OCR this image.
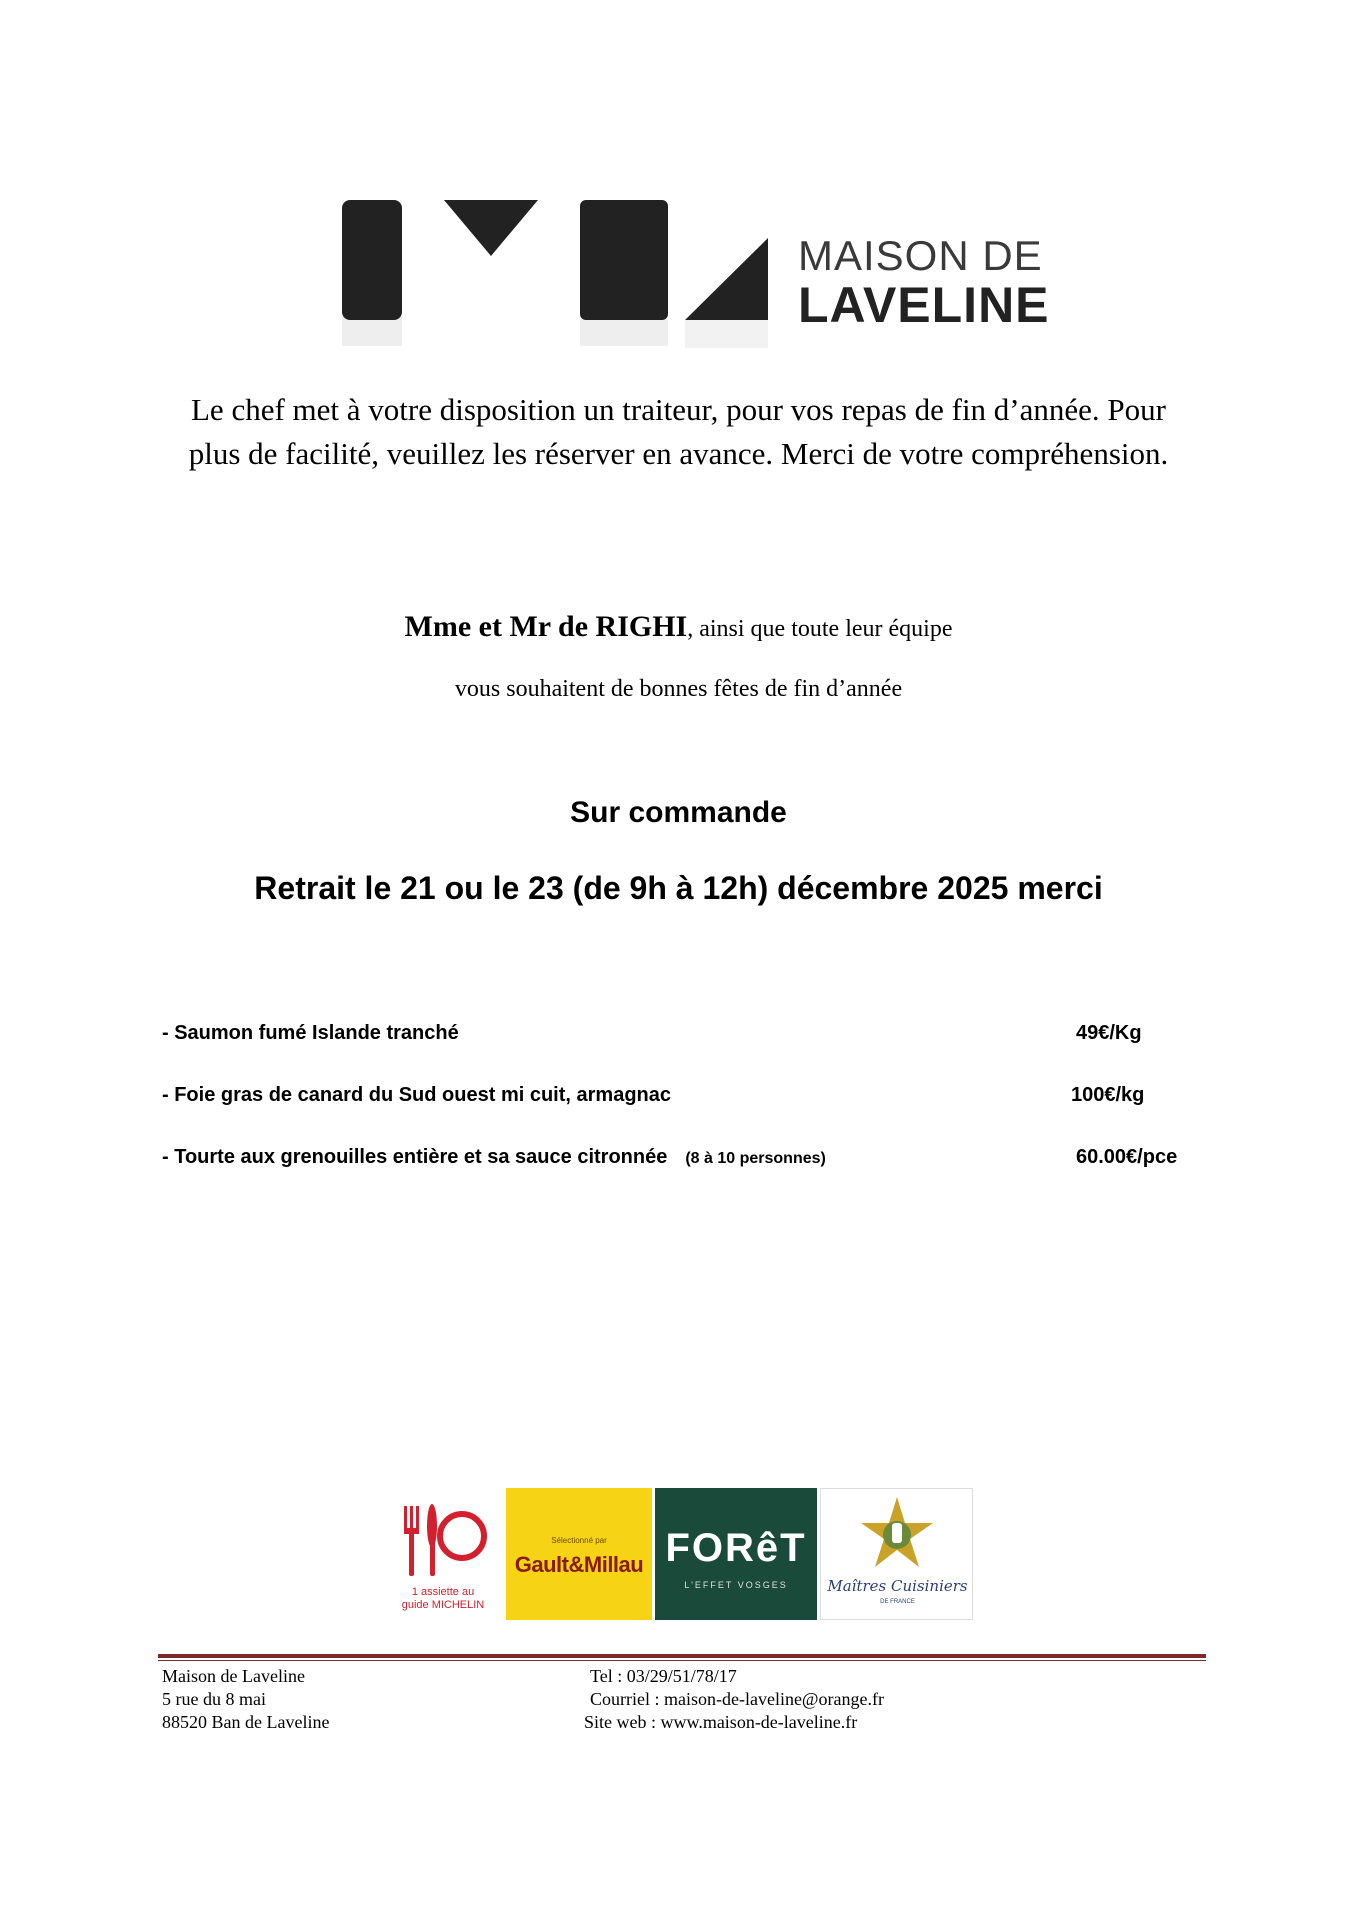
MAISON DE
LAVELINE
Le chef met à votre disposition un traiteur, pour vos repas de fin d’année. Pour
plus de facilité, veuillez les réserver en avance. Merci de votre compréhension.
Mme et Mr de RIGHI, ainsi que toute leur équipe
vous souhaitent de bonnes fêtes de fin d’année
Sur commande
Retrait le 21 ou le 23 (de 9h à 12h) décembre 2025 merci
- Saumon fumé Islande tranché	49€/Kg
- Foie gras de canard du Sud ouest mi cuit, armagnac	100€/kg
- Tourte aux grenouilles entière et sa sauce citronnée (8 à 10 personnes)	60.00€/pce
1 assiette au
guide MICHELIN
Sélectionné par
Gault&Millau FORêT
L'EFFET VOSGES	Maîtres Cuisiniers
DE FRANCE
Maison de Laveline
5 rue du 8 mai
88520 Ban de Laveline
Tel : 03/29/51/78/17
Courriel : maison-de-laveline@orange.fr
Site web : www.maison-de-laveline.fr
